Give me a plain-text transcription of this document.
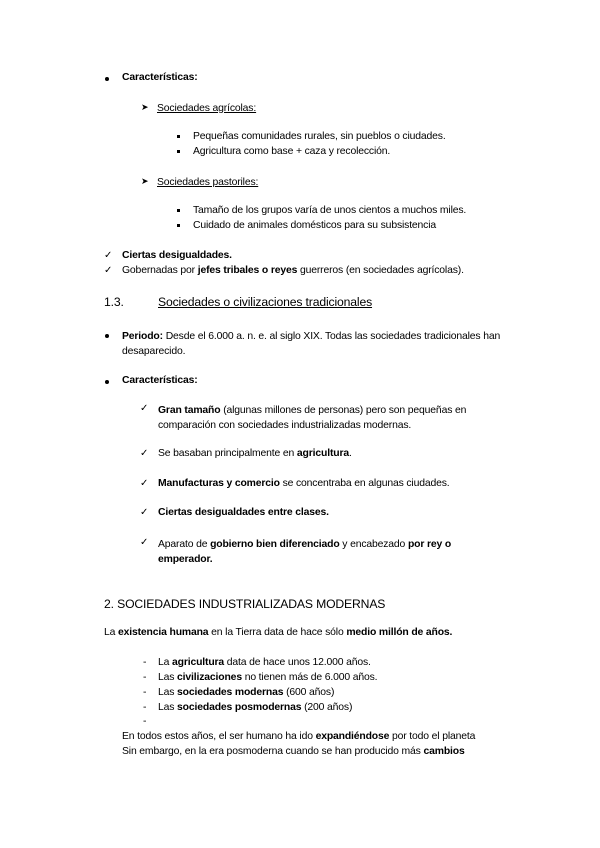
Características:
➤ Sociedades agrícolas:
Pequeñas comunidades rurales, sin pueblos o ciudades.
Agricultura como base + caza y recolección.
➤ Sociedades pastoriles:
Tamaño de los grupos varía de unos cientos a muchos miles.
Cuidado de animales domésticos para su subsistencia
✓ Ciertas desigualdades.
✓ Gobernadas por jefes tribales o reyes guerreros (en sociedades agrícolas).
1.3.	Sociedades o civilizaciones tradicionales
Periodo: Desde el 6.000 a. n. e. al siglo XIX. Todas las sociedades tradicionales han desaparecido.
Características:
✓ Gran tamaño (algunas millones de personas) pero son pequeñas en comparación con sociedades industrializadas modernas.
✓ Se basaban principalmente en agricultura.
✓ Manufacturas y comercio se concentraba en algunas ciudades.
✓ Ciertas desigualdades entre clases.
✓ Aparato de gobierno bien diferenciado y encabezado por rey o emperador.
2. SOCIEDADES INDUSTRIALIZADAS MODERNAS
La existencia humana en la Tierra data de hace sólo medio millón de años.
- La agricultura data de hace unos 12.000 años.
- Las civilizaciones no tienen más de 6.000 años.
- Las sociedades modernas (600 años)
- Las sociedades posmodernas (200 años)
-
En todos estos años, el ser humano ha ido expandiéndose por todo el planeta
Sin embargo, en la era posmoderna cuando se han producido más cambios
